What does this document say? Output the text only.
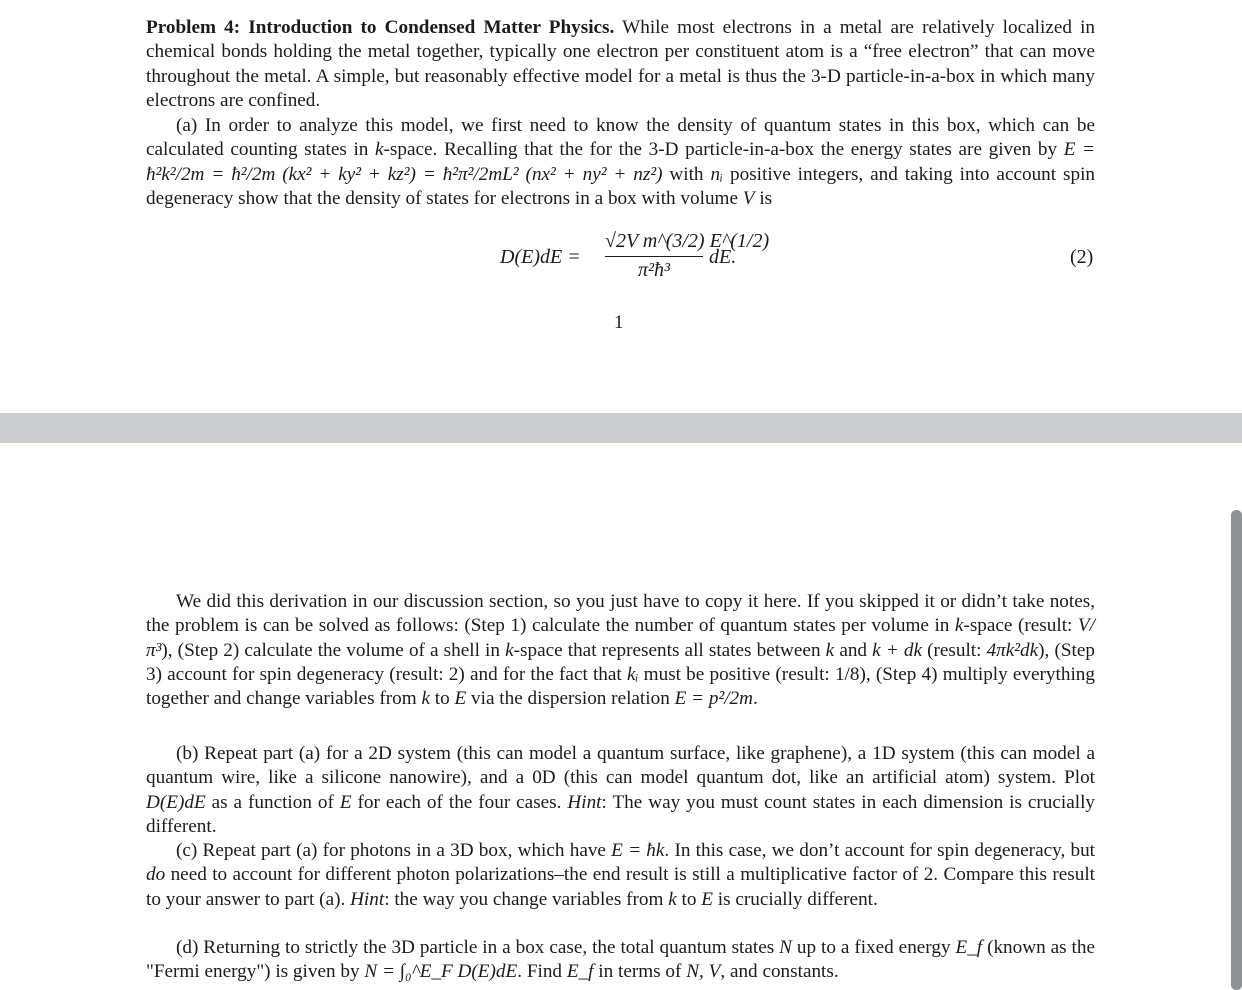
Problem 4: Introduction to Condensed Matter Physics. While most electrons in a metal are relatively localized in chemical bonds holding the metal together, typically one electron per constituent atom is a “free electron” that can move throughout the metal. A simple, but reasonably effective model for a metal is thus the 3-D particle-in-a-box in which many electrons are confined.

(a) In order to analyze this model, we first need to know the density of quantum states in this box, which can be calculated counting states in k-space. Recalling that the for the 3-D particle-in-a-box the energy states are given by E = ħ²k²/2m = ħ²/2m (kx² + ky² + kz²) = ħ²π²/2mL² (nx² + ny² + nz²) with nᵢ positive integers, and taking into account spin degeneracy show that the density of states for electrons in a box with volume V is

$D(E)dE = \frac{\text{√2V m\textasciicircum{}(3/2) E\textasciicircum{}(1/2)}}{\text{π²ħ³}}$ dE.	(2)
1

We did this derivation in our discussion section, so you just have to copy it here. If you skipped it or didn’t take notes, the problem is can be solved as follows: (Step 1) calculate the number of quantum states per volume in k-space (result: V/π³), (Step 2) calculate the volume of a shell in k-space that represents all states between k and k + dk (result: 4πk²dk), (Step 3) account for spin degeneracy (result: 2) and for the fact that kᵢ must be positive (result: 1/8), (Step 4) multiply everything together and change variables from k to E via the dispersion relation E = p²/2m.

(b) Repeat part (a) for a 2D system (this can model a quantum surface, like graphene), a 1D system (this can model a quantum wire, like a silicone nanowire), and a 0D (this can model quantum dot, like an artificial atom) system. Plot D(E)dE as a function of E for each of the four cases. Hint: The way you must count states in each dimension is crucially different.

(c) Repeat part (a) for photons in a 3D box, which have E = ħk. In this case, we don’t account for spin degeneracy, but do need to account for different photon polarizations–the end result is still a multiplicative factor of 2. Compare this result to your answer to part (a). Hint: the way you change variables from k to E is crucially different.

(d) Returning to strictly the 3D particle in a box case, the total quantum states N up to a fixed energy E_f (known as the "Fermi energy") is given by N = ∫₀^E_F D(E)dE. Find E_f in terms of N, V, and constants.
